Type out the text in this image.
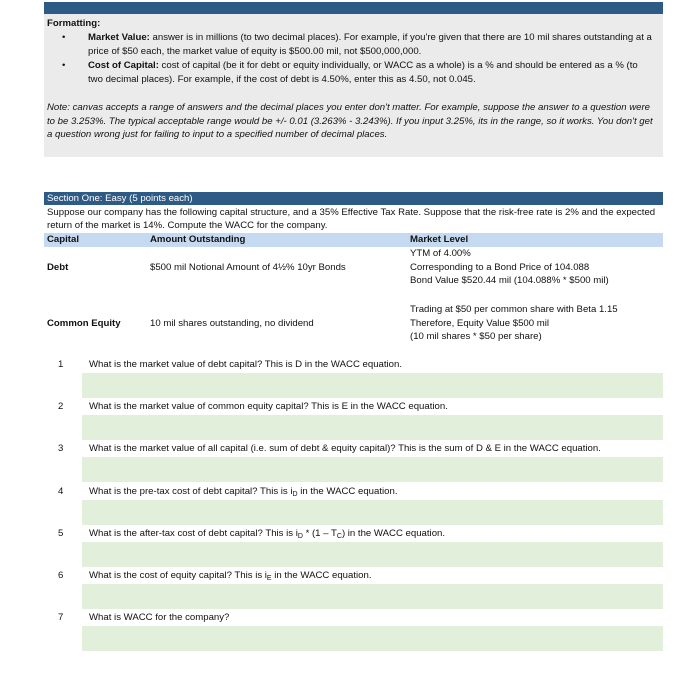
Formatting:
• Market Value: answer is in millions (to two decimal places). For example, if you're given that there are 10 mil shares outstanding at a price of $50 each, the market value of equity is $500.00 mil, not $500,000,000.
• Cost of Capital: cost of capital (be it for debt or equity individually, or WACC as a whole) is a % and should be entered as a % (to two decimal places). For example, if the cost of debt is 4.50%, enter this as 4.50, not 0.045.
Note: canvas accepts a range of answers and the decimal places you enter don't matter. For example, suppose the answer to a question were to be 3.253%. The typical acceptable range would be +/- 0.01 (3.263% - 3.243%). If you input 3.25%, its in the range, so it works. You don't get a question wrong just for failing to input to a specified number of decimal places.
Section One: Easy (5 points each)
Suppose our company has the following capital structure, and a 35% Effective Tax Rate. Suppose that the risk-free rate is 2% and the expected return of the market is 14%. Compute the WACC for the company.
Capital	Amount Outstanding	Market Level
Debt	$500 mil Notional Amount of 4½% 10yr Bonds
YTM of 4.00%
Corresponding to a Bond Price of 104.088
Bond Value $520.44 mil (104.088% * $500 mil)
Common Equity	10 mil shares outstanding, no dividend
Trading at $50 per common share with Beta 1.15
Therefore, Equity Value $500 mil
(10 mil shares * $50 per share)
1	What is the market value of debt capital? This is D in the WACC equation.
2	What is the market value of common equity capital? This is E in the WACC equation.
3	What is the market value of all capital (i.e. sum of debt & equity capital)? This is the sum of D & E in the WACC equation.
4	What is the pre-tax cost of debt capital? This is $i_D$ in the WACC equation.
5	What is the after-tax cost of debt capital? This is $i_D * (1 - T_C)$ in the WACC equation.
6	What is the cost of equity capital? This is $i_E$ in the WACC equation.
7	What is WACC for the company?
